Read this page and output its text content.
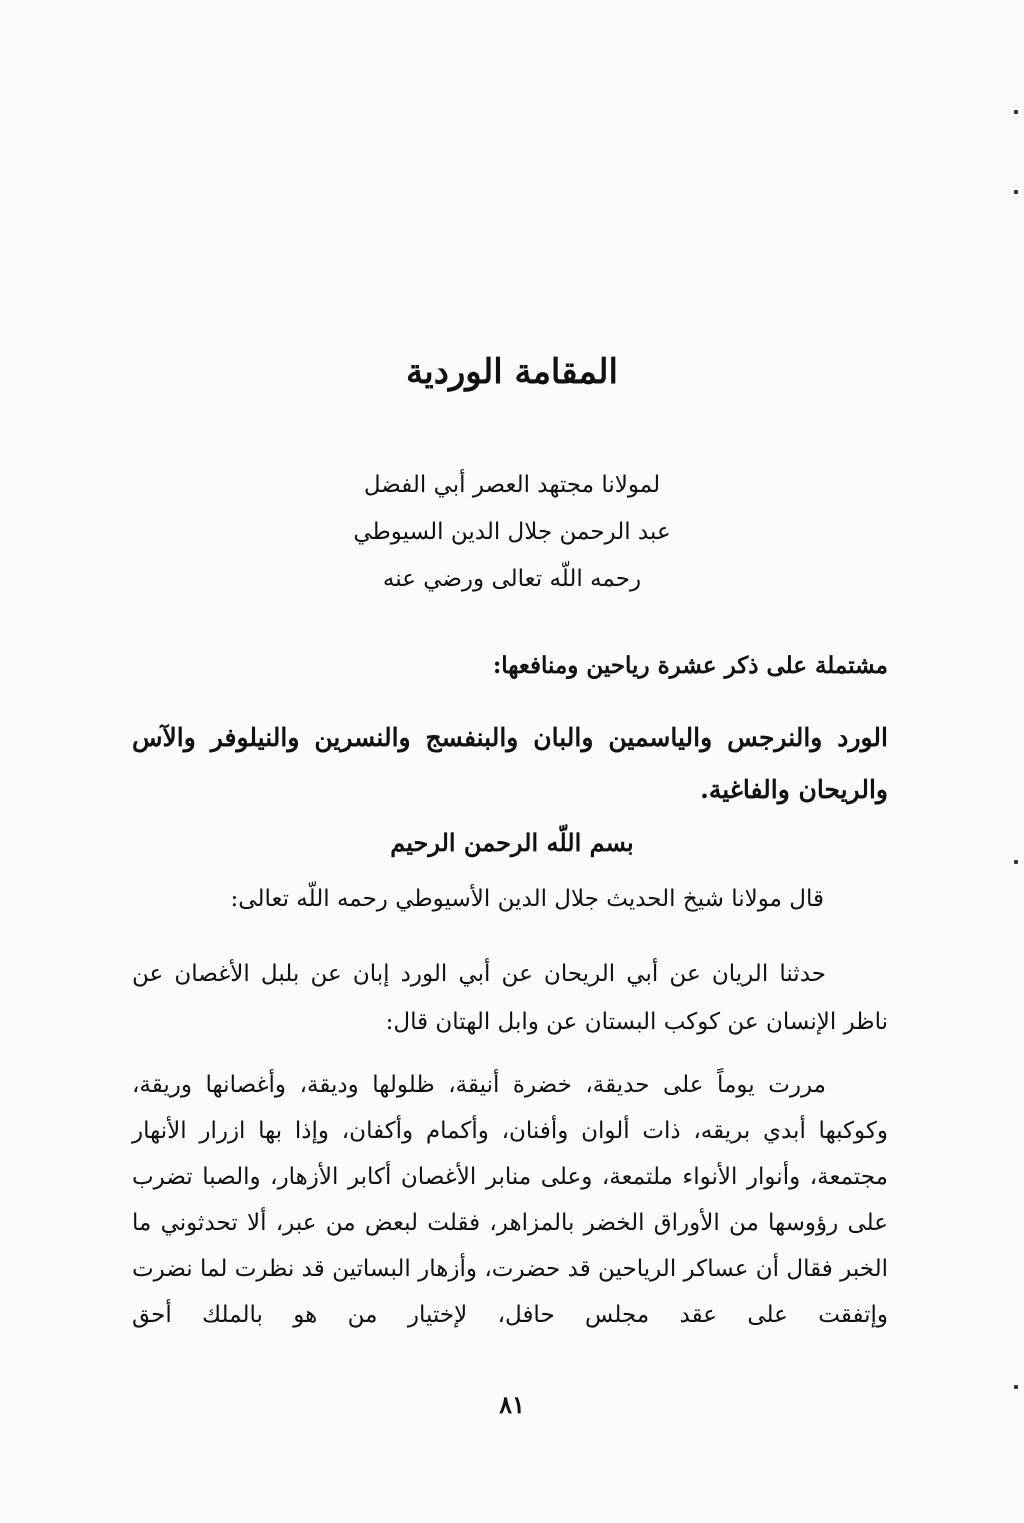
المقامة الوردية
لمولانا مجتهد العصر أبي الفضل
عبد الرحمن جلال الدين السيوطي
رحمه اللّه تعالى ورضي عنه
مشتملة على ذكر عشرة رياحين ومنافعها:
الورد والنرجس والياسمين والبان والبنفسج والنسرين والنيلوفر والآس والريحان والفاغية.
بسم اللّه الرحمن الرحيم
قال مولانا شيخ الحديث جلال الدين الأسيوطي رحمه اللّه تعالى:
حدثنا الريان عن أبي الريحان عن أبي الورد إبان عن بلبل الأغصان عن ناظر الإنسان عن كوكب البستان عن وابل الهتان قال:
مررت يوماً على حديقة، خضرة أنيقة، ظلولها وديقة، وأغصانها وريقة، وكوكبها أبدي بريقه، ذات ألوان وأفنان، وأكمام وأكفان، وإذا بها ازرار الأنهار مجتمعة، وأنوار الأنواء ملتمعة، وعلى منابر الأغصان أكابر الأزهار، والصبا تضرب على رؤوسها من الأوراق الخضر بالمزاهر، فقلت لبعض من عبر، ألا تحدثوني ما الخبر فقال أن عساكر الرياحين قد حضرت، وأزهار البساتين قد نظرت لما نضرت وإتفقت على عقد مجلس حافل، لإختيار من هو بالملك أحق
٨١
